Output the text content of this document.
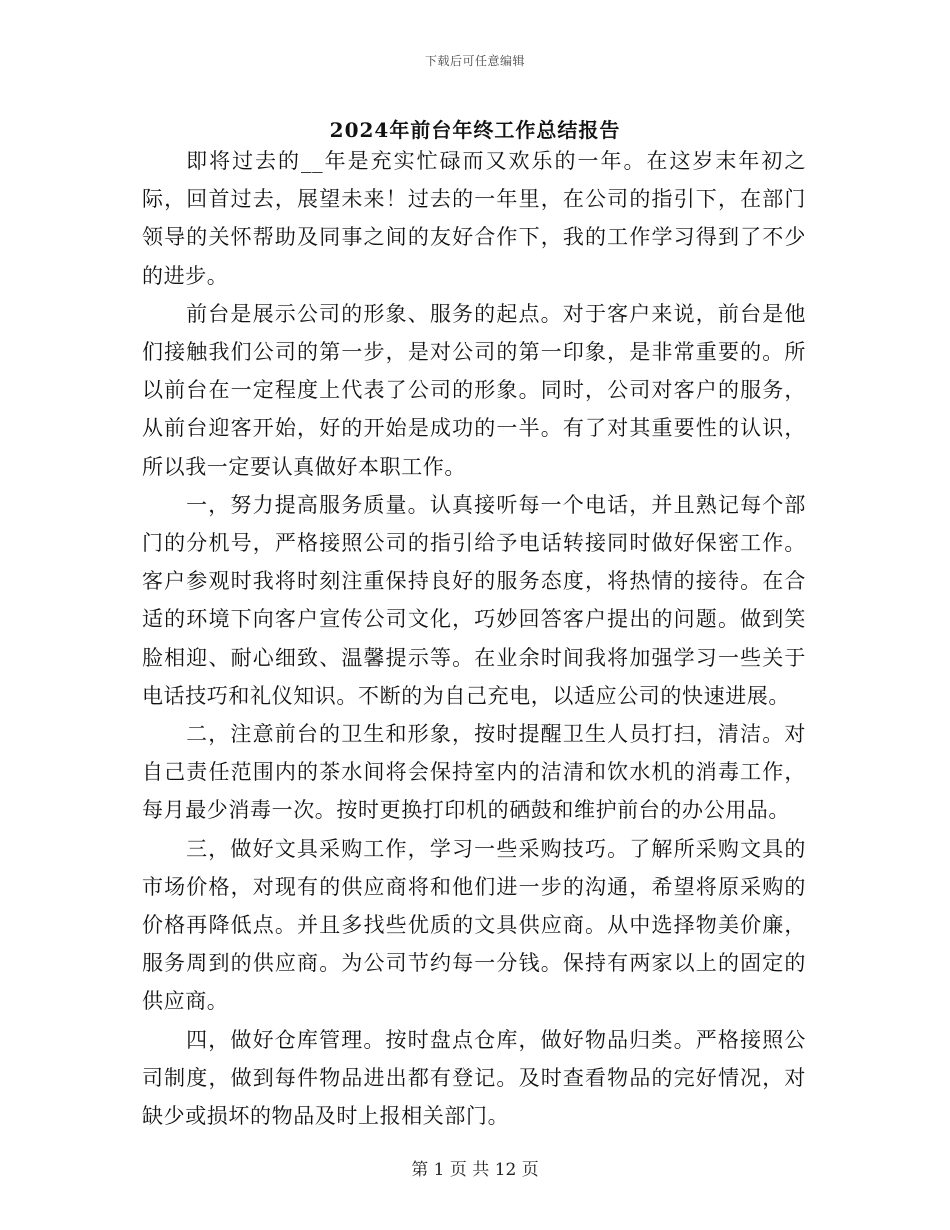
下载后可任意编辑
2024年前台年终工作总结报告

即将过去的__年是充实忙碌而又欢乐的一年。在这岁末年初之际，回首过去，展望未来！过去的一年里，在公司的指引下，在部门领导的关怀帮助及同事之间的友好合作下，我的工作学习得到了不少的进步。

前台是展示公司的形象、服务的起点。对于客户来说，前台是他们接触我们公司的第一步，是对公司的第一印象，是非常重要的。所以前台在一定程度上代表了公司的形象。同时，公司对客户的服务，从前台迎客开始，好的开始是成功的一半。有了对其重要性的认识，所以我一定要认真做好本职工作。

一，努力提高服务质量。认真接听每一个电话，并且熟记每个部门的分机号，严格接照公司的指引给予电话转接同时做好保密工作。客户参观时我将时刻注重保持良好的服务态度，将热情的接待。在合适的环境下向客户宣传公司文化，巧妙回答客户提出的问题。做到笑脸相迎、耐心细致、温馨提示等。在业余时间我将加强学习一些关于电话技巧和礼仪知识。不断的为自己充电，以适应公司的快速进展。

二，注意前台的卫生和形象，按时提醒卫生人员打扫，清洁。对自己责任范围内的茶水间将会保持室内的洁清和饮水机的消毒工作，每月最少消毒一次。按时更换打印机的硒鼓和维护前台的办公用品。

三，做好文具采购工作，学习一些采购技巧。了解所采购文具的市场价格，对现有的供应商将和他们进一步的沟通，希望将原采购的价格再降低点。并且多找些优质的文具供应商。从中选择物美价廉，服务周到的供应商。为公司节约每一分钱。保持有两家以上的固定的供应商。

四，做好仓库管理。按时盘点仓库，做好物品归类。严格接照公司制度，做到每件物品进出都有登记。及时查看物品的完好情况，对缺少或损坏的物品及时上报相关部门。

第 1 页 共 12 页
